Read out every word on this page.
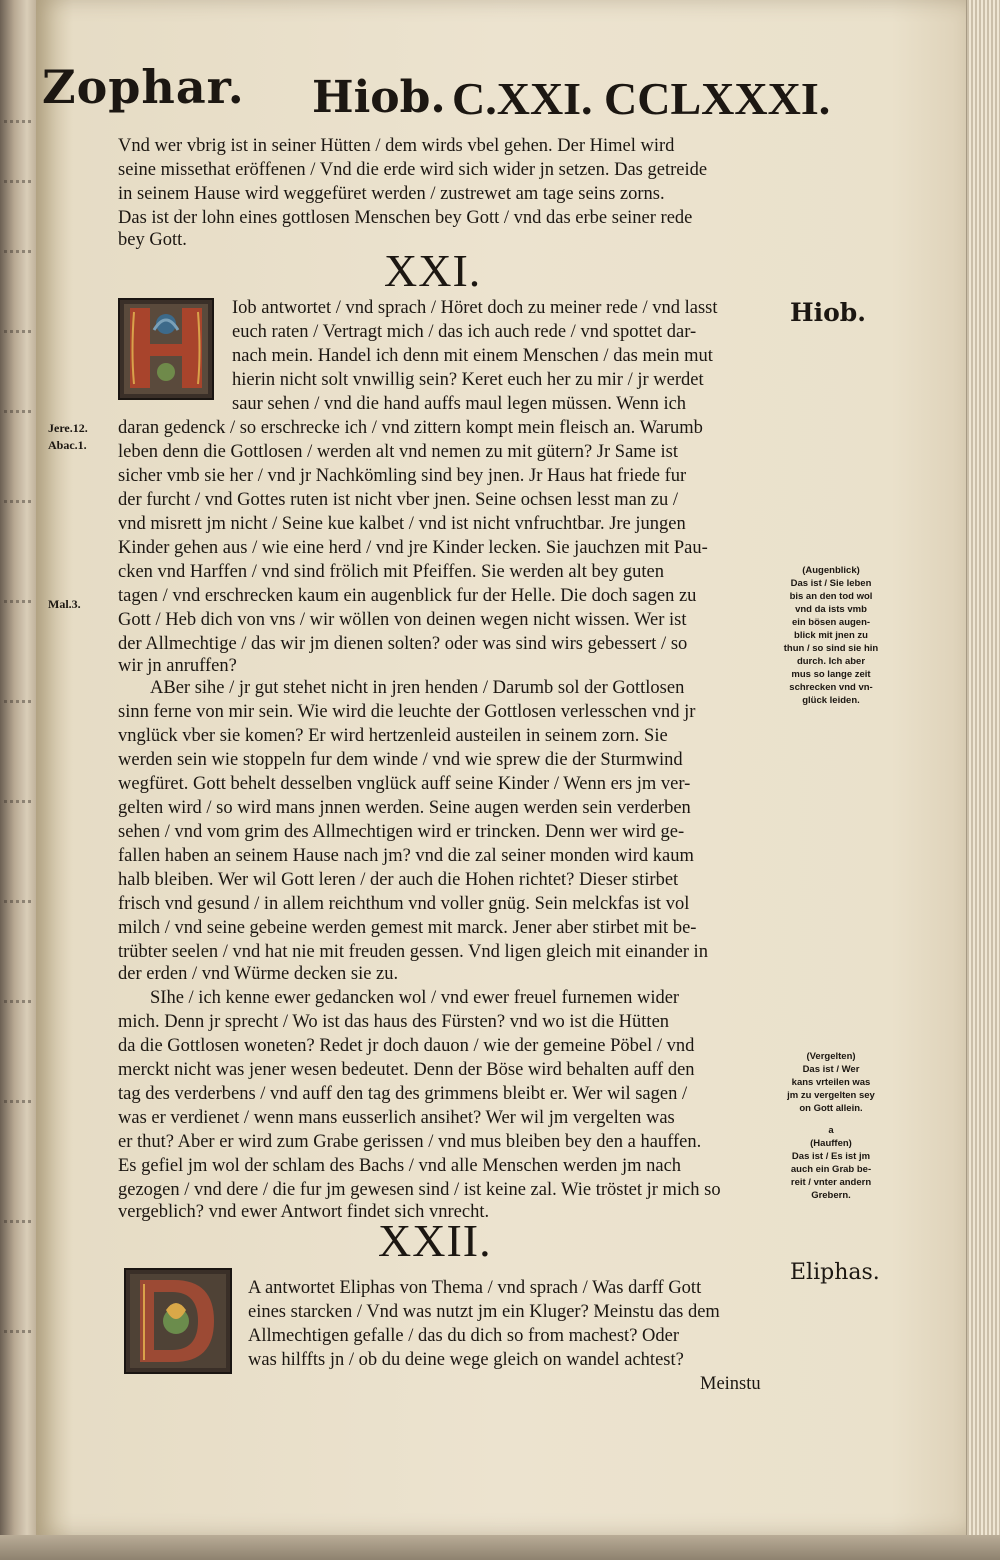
Zophar. Hiob. C.XXI. CCLXXXI.
Vnd wer vbrig ist in seiner Hütten / dem wirds vbel gehen. Der Himel wird
seine missethat eröffenen / Vnd die erde wird sich wider jn setzen. Das getreide
in seinem Hause wird weggefüret werden / zustrewet am tage seins zorns.
Das ist der lohn eines gottlosen Menschen bey Gott / vnd das erbe seiner rede
bey Gott.
XXI.
Hiob.
Iob antwortet / vnd sprach / Höret doch zu meiner rede / vnd lasst
euch raten / Vertragt mich / das ich auch rede / vnd spottet dar-
nach mein. Handel ich denn mit einem Menschen / das mein mut
hierin nicht solt vnwillig sein? Keret euch her zu mir / jr werdet
saur sehen / vnd die hand auffs maul legen müssen. Wenn ich
daran gedenck / so erschrecke ich / vnd zittern kompt mein fleisch an. Warumb
leben denn die Gottlosen / werden alt vnd nemen zu mit gütern? Jr Same ist
sicher vmb sie her / vnd jr Nachkömling sind bey jnen. Jr Haus hat friede fur
der furcht / vnd Gottes ruten ist nicht vber jnen. Seine ochsen lesst man zu /
vnd misrett jm nicht / Seine kue kalbet / vnd ist nicht vnfruchtbar. Jre jungen
Kinder gehen aus / wie eine herd / vnd jre Kinder lecken. Sie jauchzen mit Pau-
cken vnd Harffen / vnd sind frölich mit Pfeiffen. Sie werden alt bey guten
tagen / vnd erschrecken kaum ein augenblick fur der Helle. Die doch sagen zu
Gott / Heb dich von vns / wir wöllen von deinen wegen nicht wissen. Wer ist
der Allmechtige / das wir jm dienen solten? oder was sind wirs gebessert / so
wir jn anruffen?
ABer sihe / jr gut stehet nicht in jren henden / Darumb sol der Gottlosen
sinn ferne von mir sein. Wie wird die leuchte der Gottlosen verlesschen vnd jr
vnglück vber sie komen? Er wird hertzenleid austeilen in seinem zorn. Sie
werden sein wie stoppeln fur dem winde / vnd wie sprew die der Sturmwind
wegfüret. Gott behelt desselben vnglück auff seine Kinder / Wenn ers jm ver-
gelten wird / so wird mans jnnen werden. Seine augen werden sein verderben
sehen / vnd vom grim des Allmechtigen wird er trincken. Denn wer wird ge-
fallen haben an seinem Hause nach jm? vnd die zal seiner monden wird kaum
halb bleiben. Wer wil Gott leren / der auch die Hohen richtet? Dieser stirbet
frisch vnd gesund / in allem reichthum vnd voller gnüg. Sein melckfas ist vol
milch / vnd seine gebeine werden gemest mit marck. Jener aber stirbet mit be-
trübter seelen / vnd hat nie mit freuden gessen. Vnd ligen gleich mit einander in
der erden / vnd Würme decken sie zu.
SIhe / ich kenne ewer gedancken wol / vnd ewer freuel furnemen wider
mich. Denn jr sprecht / Wo ist das haus des Fürsten? vnd wo ist die Hütten
da die Gottlosen woneten? Redet jr doch dauon / wie der gemeine Pöbel / vnd
merckt nicht was jener wesen bedeutet. Denn der Böse wird behalten auff den
tag des verderbens / vnd auff den tag des grimmens bleibt er. Wer wil sagen /
was er verdienet / wenn mans eusserlich ansihet? Wer wil jm vergelten was
er thut? Aber er wird zum Grabe gerissen / vnd mus bleiben bey den a hauffen.
Es gefiel jm wol der schlam des Bachs / vnd alle Menschen werden jm nach
gezogen / vnd dere / die fur jm gewesen sind / ist keine zal. Wie tröstet jr mich so
vergeblich? vnd ewer Antwort findet sich vnrecht.
XXII.
Eliphas.
A antwortet Eliphas von Thema / vnd sprach / Was darff Gott
eines starcken / Vnd was nutzt jm ein Kluger? Meinstu das dem
Allmechtigen gefalle / das du dich so from machest? Oder
was hilffts jn / ob du deine wege gleich on wandel achtest?
Meinstu
Jere.12.
Abac.1.
Mal.3.
(Augenblick)
Das ist / Sie leben
bis an den tod wol
vnd da ists vmb
ein bösen augen-
blick mit jnen zu
thun / so sind sie hin
durch. Ich aber
mus so lange zeit
schrecken vnd vn-
glück leiden.
(Vergelten)
Das ist / Wer
kans vrteilen was
jm zu vergelten sey
on Gott allein.
a
(Hauffen)
Das ist / Es ist jm
auch ein Grab be-
reit / vnter andern
Grebern.
